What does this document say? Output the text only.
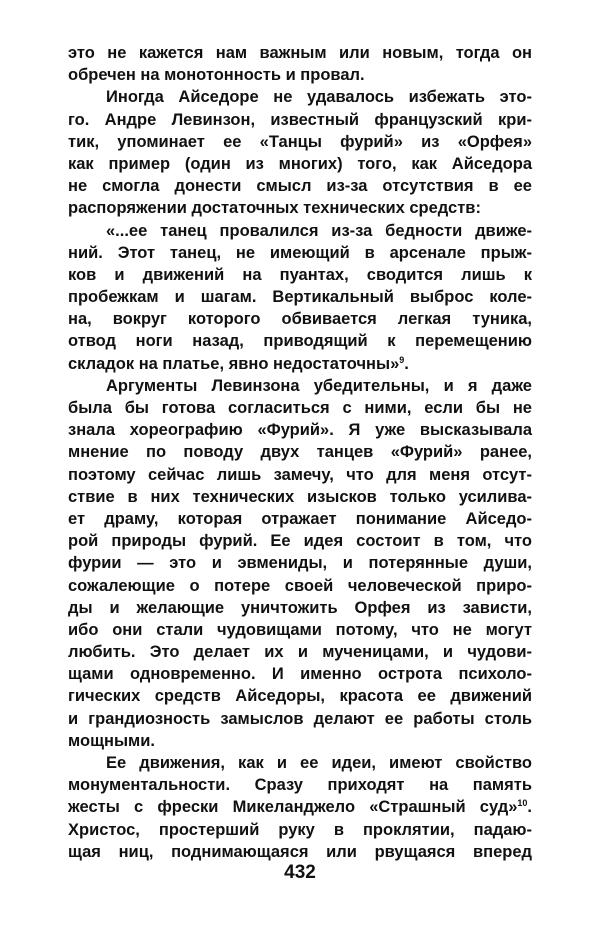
это не кажется нам важным или новым, тогда он
обречен на монотонность и провал.
Иногда Айседоре не удавалось избежать это-
го. Андре Левинзон, известный французский кри-
тик, упоминает ее «Танцы фурий» из «Орфея»
как пример (один из многих) того, как Айседора
не смогла донести смысл из-за отсутствия в ее
распоряжении достаточных технических средств:
«...ее танец провалился из-за бедности движе-
ний. Этот танец, не имеющий в арсенале прыж-
ков и движений на пуантах, сводится лишь к
пробежкам и шагам. Вертикальный выброс коле-
на, вокруг которого обвивается легкая туника,
отвод ноги назад, приводящий к перемещению
складок на платье, явно недостаточны»$^9$.
Аргументы Левинзона убедительны, и я даже
была бы готова согласиться с ними, если бы не
знала хореографию «Фурий». Я уже высказывала
мнение по поводу двух танцев «Фурий» ранее,
поэтому сейчас лишь замечу, что для меня отсут-
ствие в них технических изысков только усилива-
ет драму, которая отражает понимание Айседо-
рой природы фурий. Ее идея состоит в том, что
фурии — это и эвмениды, и потерянные души,
сожалеющие о потере своей человеческой приро-
ды и желающие уничтожить Орфея из зависти,
ибо они стали чудовищами потому, что не могут
любить. Это делает их и мученицами, и чудови-
щами одновременно. И именно острота психоло-
гических средств Айседоры, красота ее движений
и грандиозность замыслов делают ее работы столь
мощными.
Ее движения, как и ее идеи, имеют свойство
монументальности. Сразу приходят на память
жесты с фрески Микеланджело «Страшный суд»$^{10}$.
Христос, простерший руку в проклятии, падаю-
щая ниц, поднимающаяся или рвущаяся вперед
432
